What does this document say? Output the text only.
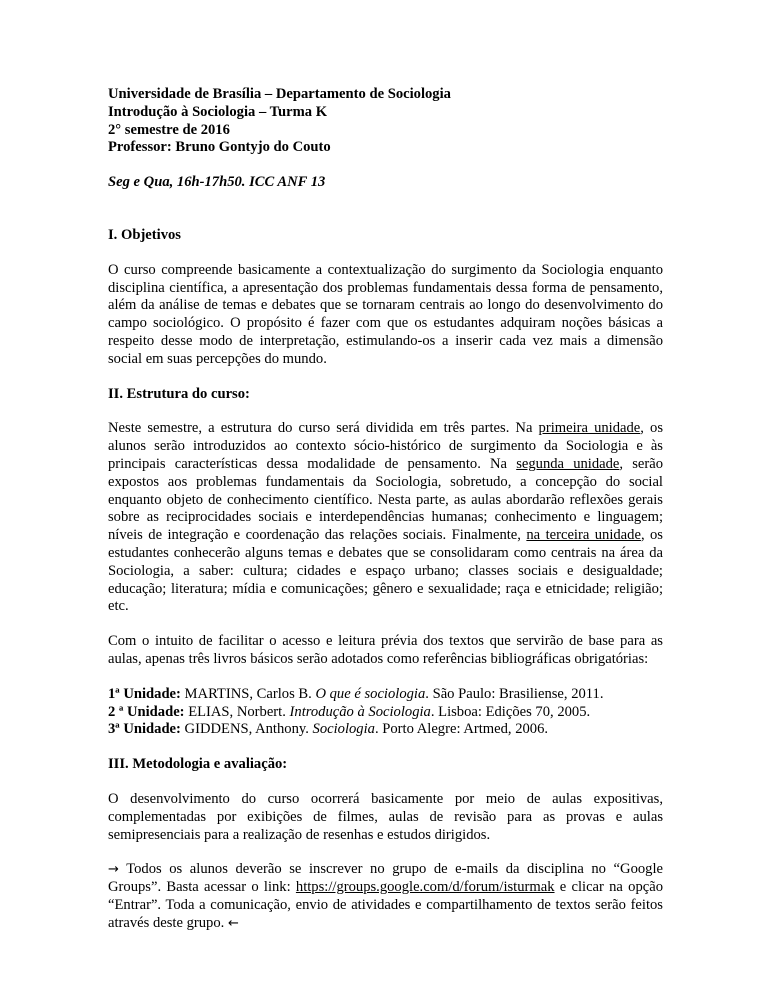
Universidade de Brasília – Departamento de Sociologia
Introdução à Sociologia – Turma K
2° semestre de 2016
Professor: Bruno Gontyjo do Couto
Seg e Qua, 16h-17h50. ICC ANF 13
I. Objetivos

O curso compreende basicamente a contextualização do surgimento da Sociologia enquanto disciplina científica, a apresentação dos problemas fundamentais dessa forma de pensamento, além da análise de temas e debates que se tornaram centrais ao longo do desenvolvimento do campo sociológico. O propósito é fazer com que os estudantes adquiram noções básicas a respeito desse modo de interpretação, estimulando-os a inserir cada vez mais a dimensão social em suas percepções do mundo.

II. Estrutura do curso:

Neste semestre, a estrutura do curso será dividida em três partes. Na primeira unidade, os alunos serão introduzidos ao contexto sócio-histórico de surgimento da Sociologia e às principais características dessa modalidade de pensamento. Na segunda unidade, serão expostos aos problemas fundamentais da Sociologia, sobretudo, a concepção do social enquanto objeto de conhecimento científico. Nesta parte, as aulas abordarão reflexões gerais sobre as reciprocidades sociais e interdependências humanas; conhecimento e linguagem; níveis de integração e coordenação das relações sociais. Finalmente, na terceira unidade, os estudantes conhecerão alguns temas e debates que se consolidaram como centrais na área da Sociologia, a saber: cultura; cidades e espaço urbano; classes sociais e desigualdade; educação; literatura; mídia e comunicações; gênero e sexualidade; raça e etnicidade; religião; etc.

Com o intuito de facilitar o acesso e leitura prévia dos textos que servirão de base para as aulas, apenas três livros básicos serão adotados como referências bibliográficas obrigatórias:

1ª Unidade: MARTINS, Carlos B. O que é sociologia. São Paulo: Brasiliense, 2011.
2 ª Unidade: ELIAS, Norbert. Introdução à Sociologia. Lisboa: Edições 70, 2005.
3ª Unidade: GIDDENS, Anthony. Sociologia. Porto Alegre: Artmed, 2006.
III. Metodologia e avaliação:

O desenvolvimento do curso ocorrerá basicamente por meio de aulas expositivas, complementadas por exibições de filmes, aulas de revisão para as provas e aulas semipresenciais para a realização de resenhas e estudos dirigidos.

→ Todos os alunos deverão se inscrever no grupo de e-mails da disciplina no “Google Groups”. Basta acessar o link: https://groups.google.com/d/forum/isturmak e clicar na opção “Entrar”. Toda a comunicação, envio de atividades e compartilhamento de textos serão feitos através deste grupo. ←
